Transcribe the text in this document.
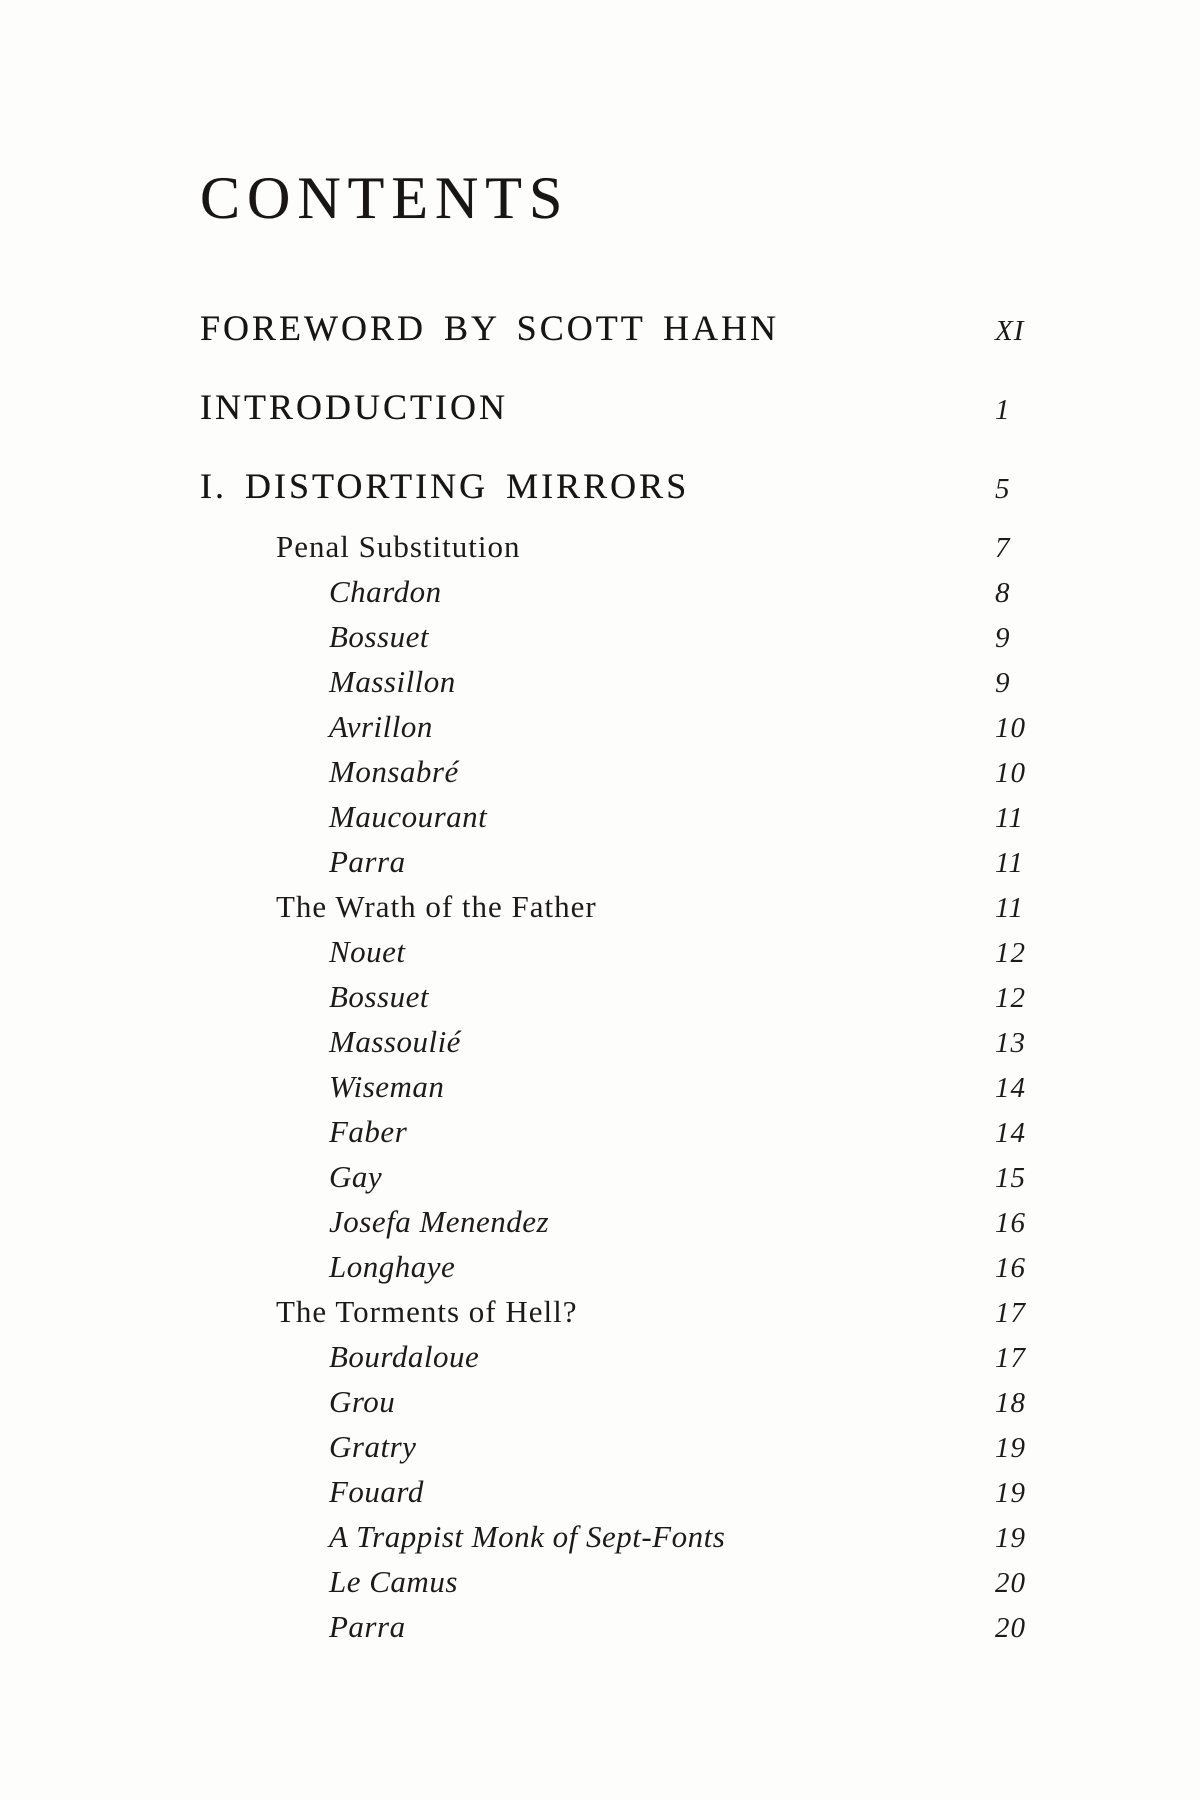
CONTENTS
FOREWORD BY SCOTT HAHN	XI
INTRODUCTION	1
I. DISTORTING MIRRORS	5
Penal Substitution	7
Chardon	8
Bossuet	9
Massillon	9
Avrillon	10
Monsabré	10
Maucourant	11
Parra	11
The Wrath of the Father	11
Nouet	12
Bossuet	12
Massoulié	13
Wiseman	14
Faber	14
Gay	15
Josefa Menendez	16
Longhaye	16
The Torments of Hell?	17
Bourdaloue	17
Grou	18
Gratry	19
Fouard	19
A Trappist Monk of Sept-Fonts	19
Le Camus	20
Parra	20
